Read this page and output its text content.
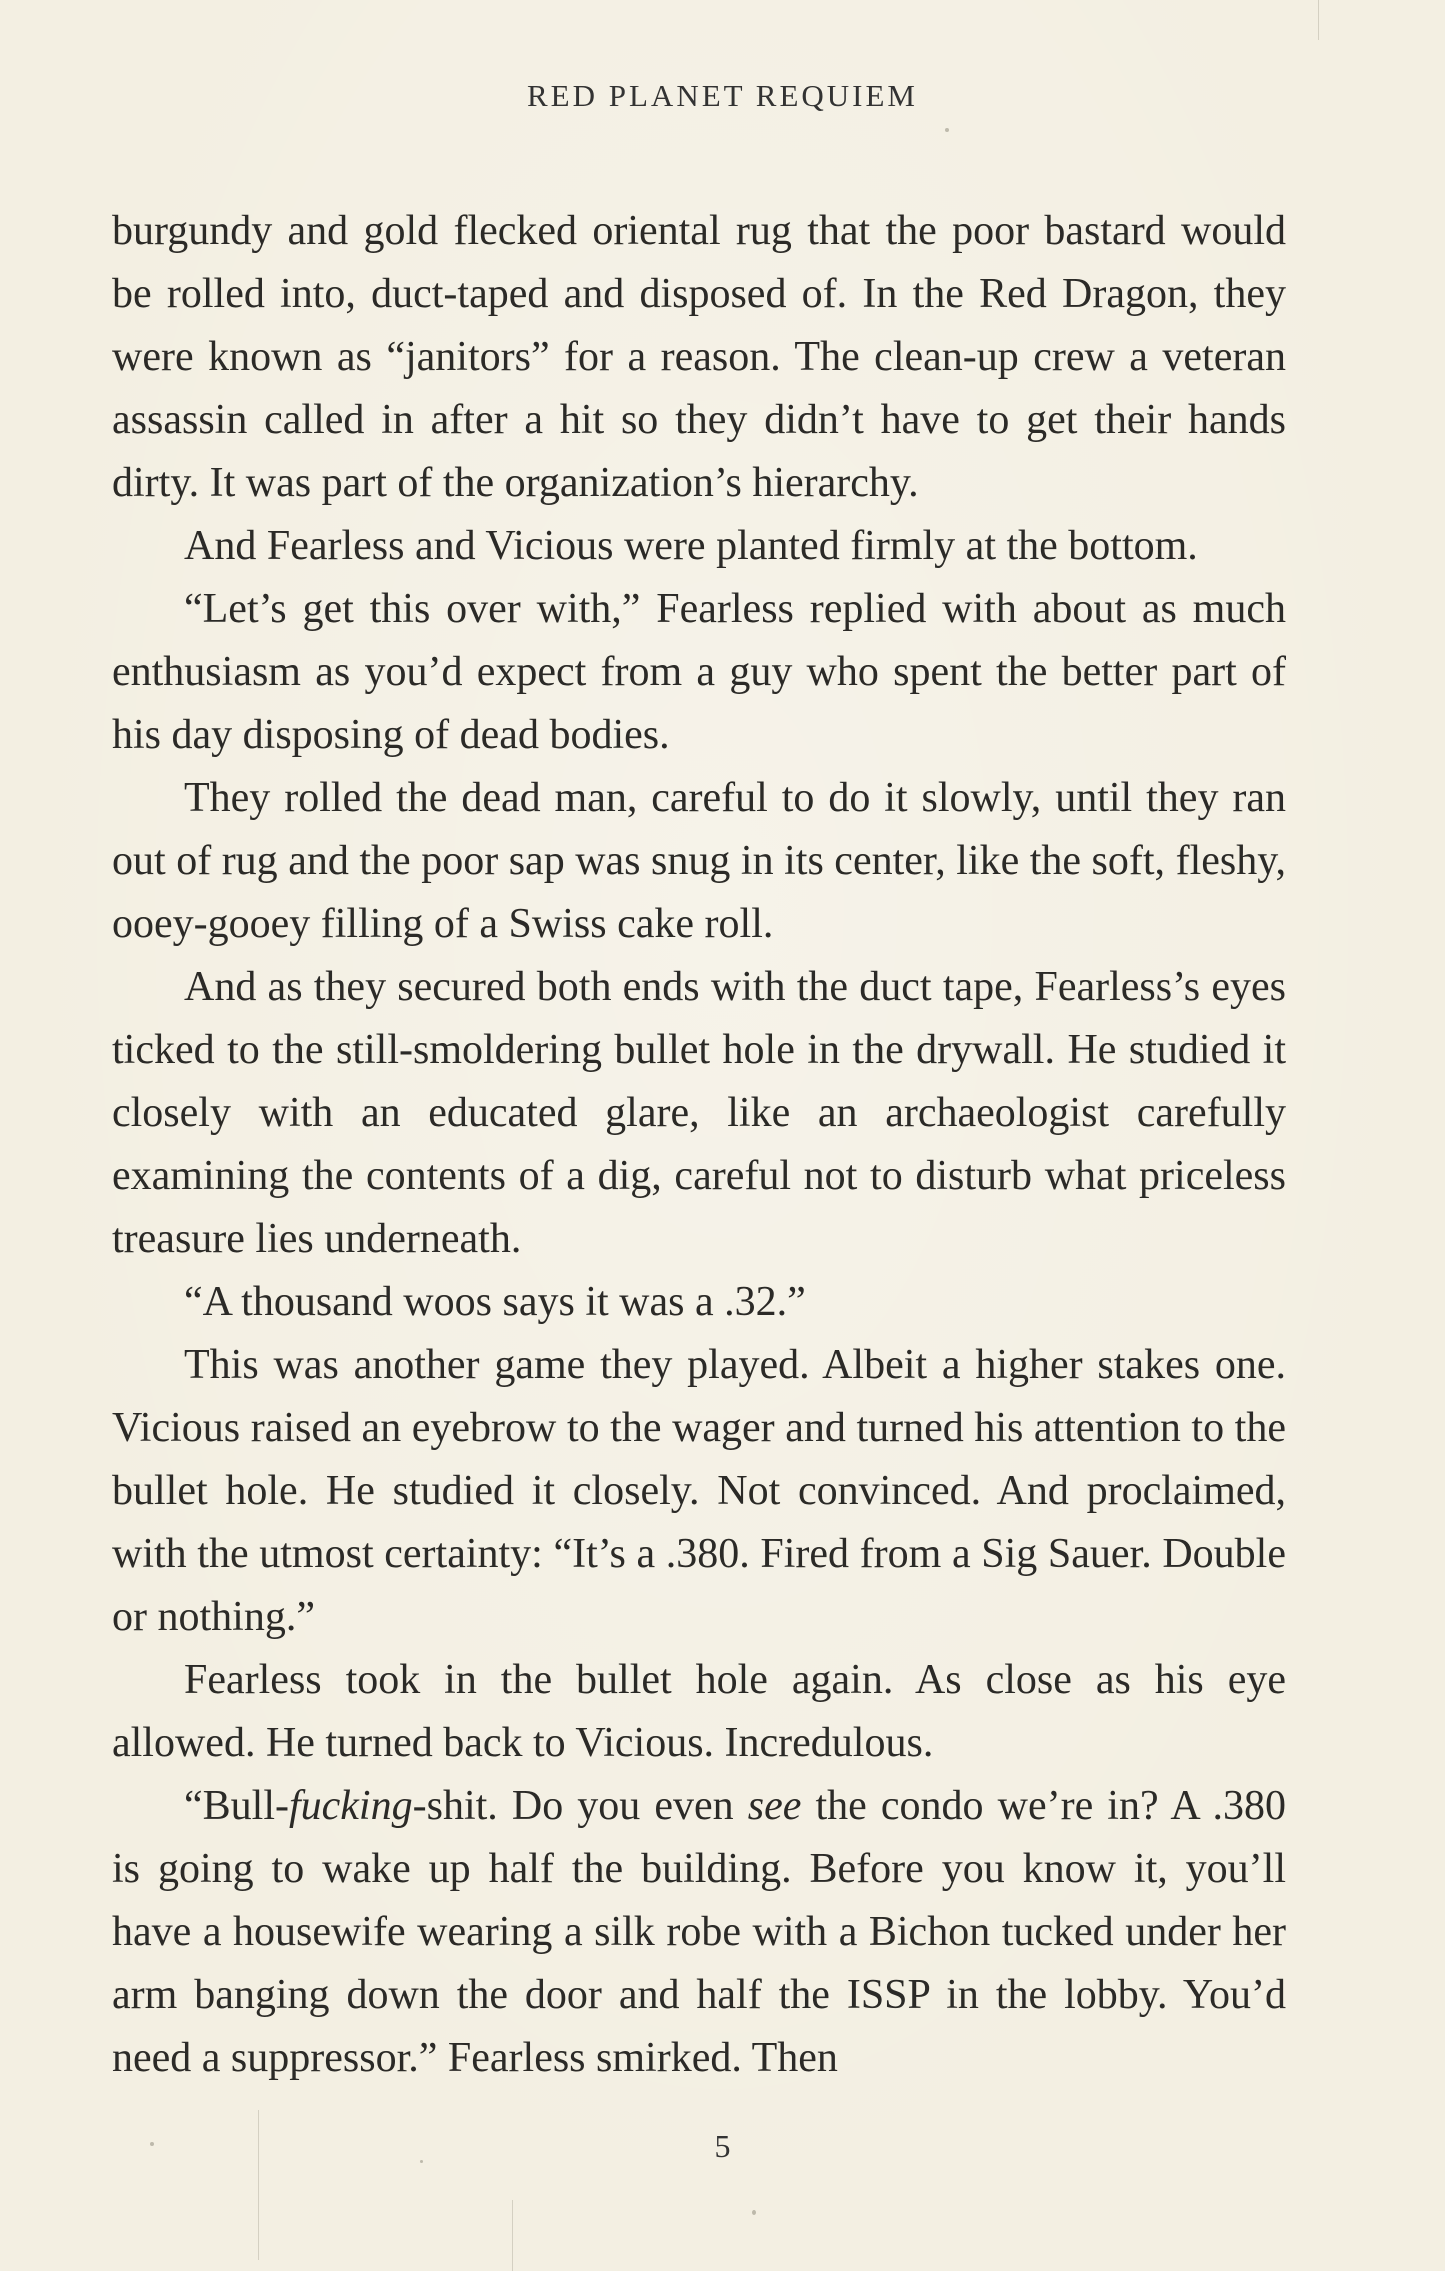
RED PLANET REQUIEM

burgundy and gold flecked oriental rug that the poor bastard would be rolled into, duct-taped and disposed of. In the Red Dragon, they were known as “janitors” for a reason. The clean-up crew a veteran assassin called in after a hit so they didn’t have to get their hands dirty. It was part of the organization’s hierarchy.

And Fearless and Vicious were planted firmly at the bottom.

“Let’s get this over with,” Fearless replied with about as much enthusiasm as you’d expect from a guy who spent the better part of his day disposing of dead bodies.

They rolled the dead man, careful to do it slowly, until they ran out of rug and the poor sap was snug in its center, like the soft, fleshy, ooey-gooey filling of a Swiss cake roll.

And as they secured both ends with the duct tape, Fearless’s eyes ticked to the still-smoldering bullet hole in the drywall. He studied it closely with an educated glare, like an archaeologist carefully examining the contents of a dig, careful not to disturb what priceless treasure lies underneath.

“A thousand woos says it was a .32.”

This was another game they played. Albeit a higher stakes one. Vicious raised an eyebrow to the wager and turned his attention to the bullet hole. He studied it closely. Not convinced. And proclaimed, with the utmost certainty: “It’s a .380. Fired from a Sig Sauer. Double or nothing.”

Fearless took in the bullet hole again. As close as his eye allowed. He turned back to Vicious. Incredulous.

“Bull-fucking-shit. Do you even see the condo we’re in? A .380 is going to wake up half the building. Before you know it, you’ll have a housewife wearing a silk robe with a Bichon tucked under her arm banging down the door and half the ISSP in the lobby. You’d need a suppressor.” Fearless smirked. Then

5
